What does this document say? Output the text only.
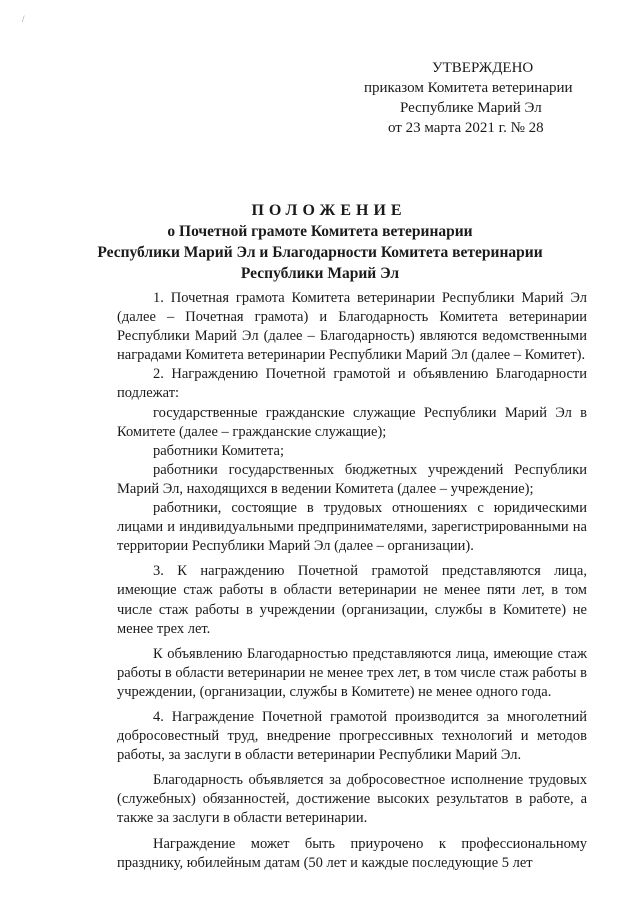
/
УТВЕРЖДЕНО
приказом Комитета ветеринарии
Республике Марий Эл
от 23 марта 2021 г. № 28
ПОЛОЖЕНИЕ
о Почетной грамоте Комитета ветеринарии
Республики Марий Эл и Благодарности Комитета ветеринарии
Республики Марий Эл

1. Почетная грамота Комитета ветеринарии Республики Марий Эл (далее – Почетная грамота) и Благодарность Комитета ветеринарии Республики Марий Эл (далее – Благодарность) являются ведомственными наградами Комитета ветеринарии Республики Марий Эл (далее – Комитет).

2. Награждению Почетной грамотой и объявлению Благодарности подлежат:

государственные гражданские служащие Республики Марий Эл в Комитете (далее – гражданские служащие);

работники Комитета;

работники государственных бюджетных учреждений Республики Марий Эл, находящихся в ведении Комитета (далее – учреждение);

работники, состоящие в трудовых отношениях с юридическими лицами и индивидуальными предпринимателями, зарегистрированными на территории Республики Марий Эл (далее – организации).

3. К награждению Почетной грамотой представляются лица, имеющие стаж работы в области ветеринарии не менее пяти лет, в том числе стаж работы в учреждении (организации, службы в Комитете) не менее трех лет.

К объявлению Благодарностью представляются лица, имеющие стаж работы в области ветеринарии не менее трех лет, в том числе стаж работы в учреждении, (организации, службы в Комитете) не менее одного года.

4. Награждение Почетной грамотой производится за многолетний добросовестный труд, внедрение прогрессивных технологий и методов работы, за заслуги в области ветеринарии Республики Марий Эл.

Благодарность объявляется за добросовестное исполнение трудовых (служебных) обязанностей, достижение высоких результатов в работе, а также за заслуги в области ветеринарии.

Награждение может быть приурочено к профессиональному празднику, юбилейным датам (50 лет и каждые последующие 5 лет
